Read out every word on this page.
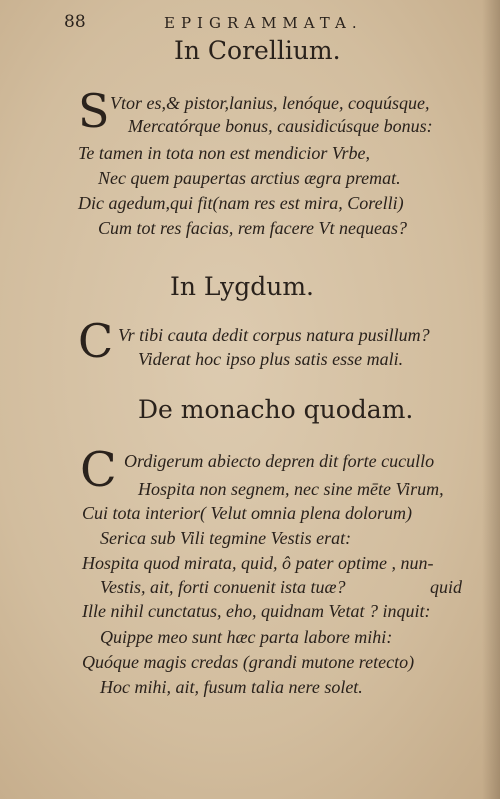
88	EPIGRAMMATA.
In Corellium.
S Vtor es,& pistor,lanius, lenóque, coquúsque,
Mercatórque bonus, causidicúsque bonus:
Te tamen in tota non est mendicior Vrbe,
Nec quem paupertas arctius ægra premat.
Dic agedum,qui fit(nam res est mira, Corelli)
Cum tot res facias, rem facere Vt nequeas?
In Lygdum.
C Vr tibi cauta dedit corpus natura pusillum?
Viderat hoc ipso plus satis esse mali.
De monacho quodam.
C Ordigerum abiecto depren dit forte cucullo
Hospita non segnem, nec sine mēte Virum,
Cui tota interior( Velut omnia plena dolorum)
Serica sub Vili tegmine Vestis erat:
Hospita quod mirata, quid, ô pater optime , nun-
Vestis, ait, forti conuenit ista tuæ?	quid
Ille nihil cunctatus, eho, quidnam Vetat ? inquit:
Quippe meo sunt hæc parta labore mihi:
Quóque magis credas (grandi mutone retecto)
Hoc mihi, ait, fusum talia nere solet.
